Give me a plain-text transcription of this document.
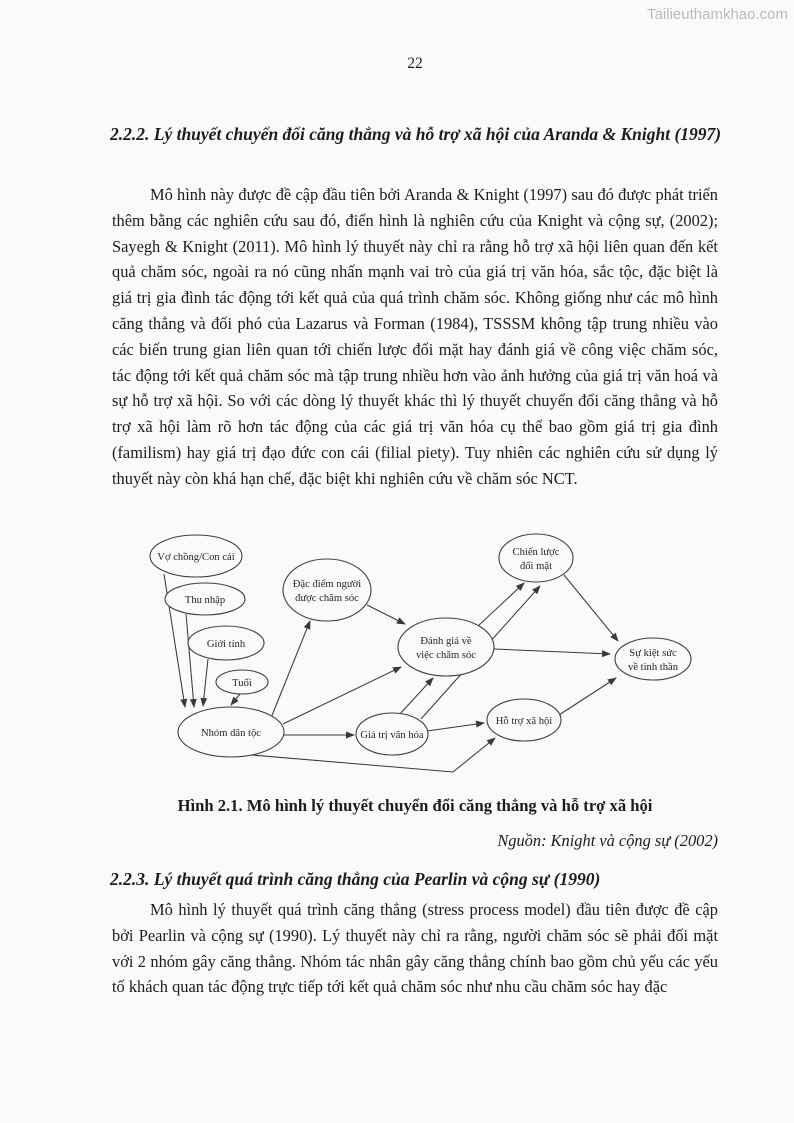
Tailieuthamkhao.com
22
2.2.2. Lý thuyết chuyển đổi căng thẳng và hỗ trợ xã hội của Aranda & Knight (1997)
Mô hình này được đề cập đầu tiên bởi Aranda & Knight (1997) sau đó được phát triển thêm bằng các nghiên cứu sau đó, điển hình là nghiên cứu của Knight và cộng sự, (2002); Sayegh & Knight (2011). Mô hình lý thuyết này chỉ ra rằng hỗ trợ xã hội liên quan đến kết quả chăm sóc, ngoài ra nó cũng nhấn mạnh vai trò của giá trị văn hóa, sắc tộc, đặc biệt là giá trị gia đình tác động tới kết quả của quá trình chăm sóc. Không giống như các mô hình căng thẳng và đối phó của Lazarus và Forman (1984), TSSSM không tập trung nhiều vào các biến trung gian liên quan tới chiến lược đối mặt hay đánh giá về công việc chăm sóc, tác động tới kết quả chăm sóc mà tập trung nhiều hơn vào ảnh hưởng của giá trị văn hoá và sự hỗ trợ xã hội. So với các dòng lý thuyết khác thì lý thuyết chuyển đổi căng thẳng và hỗ trợ xã hội làm rõ hơn tác động của các giá trị văn hóa cụ thể bao gồm giá trị gia đình (familism) hay giá trị đạo đức con cái (filial piety). Tuy nhiên các nghiên cứu sử dụng lý thuyết này còn khá hạn chế, đặc biệt khi nghiên cứu về chăm sóc NCT.
Vợ chồng/Con cái
Thu nhập
Giới tính
Tuổi
Nhóm dân tộc
Đặc điểm người
được chăm sóc
Đánh giá về
việc chăm sóc
Chiến lược
đối mặt
Giá trị văn hóa
Hỗ trợ xã hội
Sự kiệt sức
về tinh thần
Hình 2.1. Mô hình lý thuyết chuyển đổi căng thẳng và hỗ trợ xã hội
Nguồn: Knight và cộng sự (2002)
2.2.3. Lý thuyết quá trình căng thẳng của Pearlin và cộng sự (1990)
Mô hình lý thuyết quá trình căng thẳng (stress process model) đầu tiên được đề cập bởi Pearlin và cộng sự (1990). Lý thuyết này chỉ ra rằng, người chăm sóc sẽ phải đối mặt với 2 nhóm gây căng thẳng. Nhóm tác nhân gây căng thẳng chính bao gồm chủ yếu các yếu tố khách quan tác động trực tiếp tới kết quả chăm sóc như nhu cầu chăm sóc hay đặc
